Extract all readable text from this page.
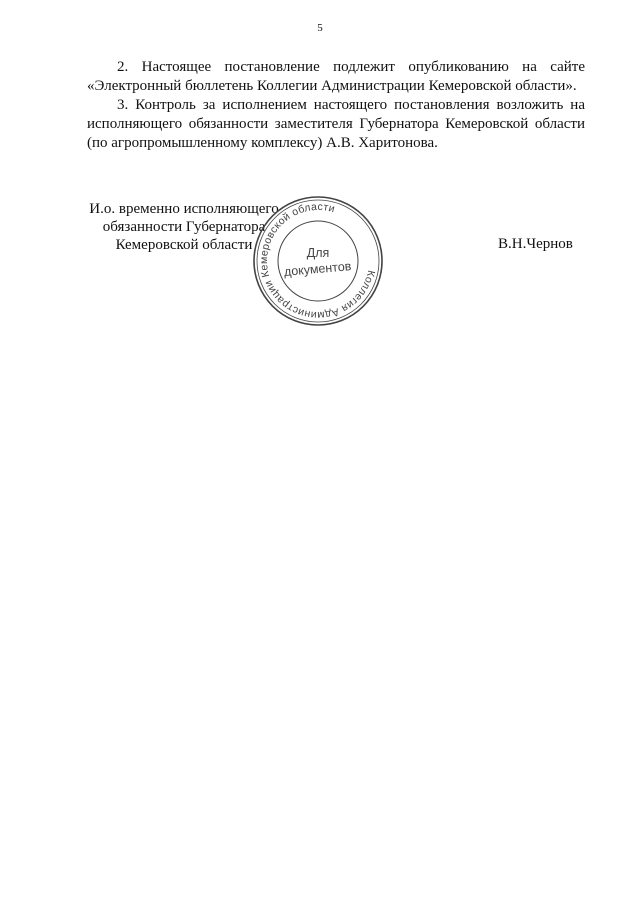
5

2. Настоящее постановление подлежит опубликованию на сайте «Электронный бюллетень Коллегии Администрации Кемеровской области».

3. Контроль за исполнением настоящего постановления возложить на исполняющего обязанности заместителя Губернатора Кемеровской области (по агропромышленному комплексу) А.В. Харитонова.

И.о. временно исполняющего
обязанности Губернатора
Кемеровской области	В.Н.Чернов
Коллегия Администрации Кемеровской области
Для
документов
